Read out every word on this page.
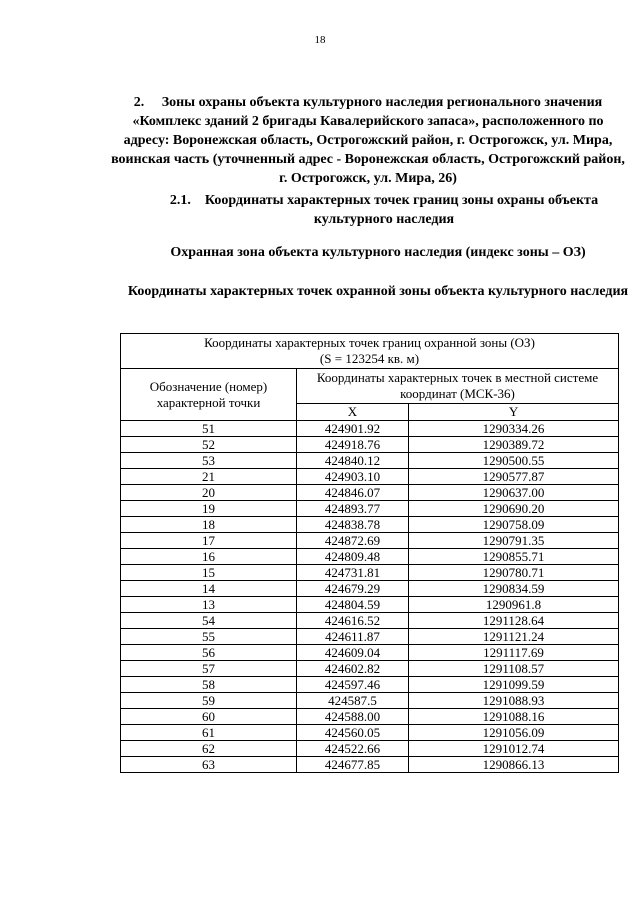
18
2. Зоны охраны объекта культурного наследия регионального значения «Комплекс зданий 2 бригады Кавалерийского запаса», расположенного по адресу: Воронежская область, Острогожский район, г. Острогожск, ул. Мира, воинская часть (уточненный адрес - Воронежская область, Острогожский район, г. Острогожск, ул. Мира, 26)
2.1. Координаты характерных точек границ зоны охраны объекта культурного наследия
Охранная зона объекта культурного наследия (индекс зоны – ОЗ)
Координаты характерных точек охранной зоны объекта культурного наследия
Координаты характерных точек границ охранной зоны (ОЗ)
(S = 123254 кв. м)		

Обозначение (номер) характерной точки	Координаты характерных точек в местной системе координат (МСК-36)	
	X	Y
51	424901.92	1290334.26
52	424918.76	1290389.72
53	424840.12	1290500.55
21	424903.10	1290577.87
20	424846.07	1290637.00
19	424893.77	1290690.20
18	424838.78	1290758.09
17	424872.69	1290791.35
16	424809.48	1290855.71
15	424731.81	1290780.71
14	424679.29	1290834.59
13	424804.59	1290961.8
54	424616.52	1291128.64
55	424611.87	1291121.24
56	424609.04	1291117.69
57	424602.82	1291108.57
58	424597.46	1291099.59
59	424587.5	1291088.93
60	424588.00	1291088.16
61	424560.05	1291056.09
62	424522.66	1291012.74
63	424677.85	1290866.13
